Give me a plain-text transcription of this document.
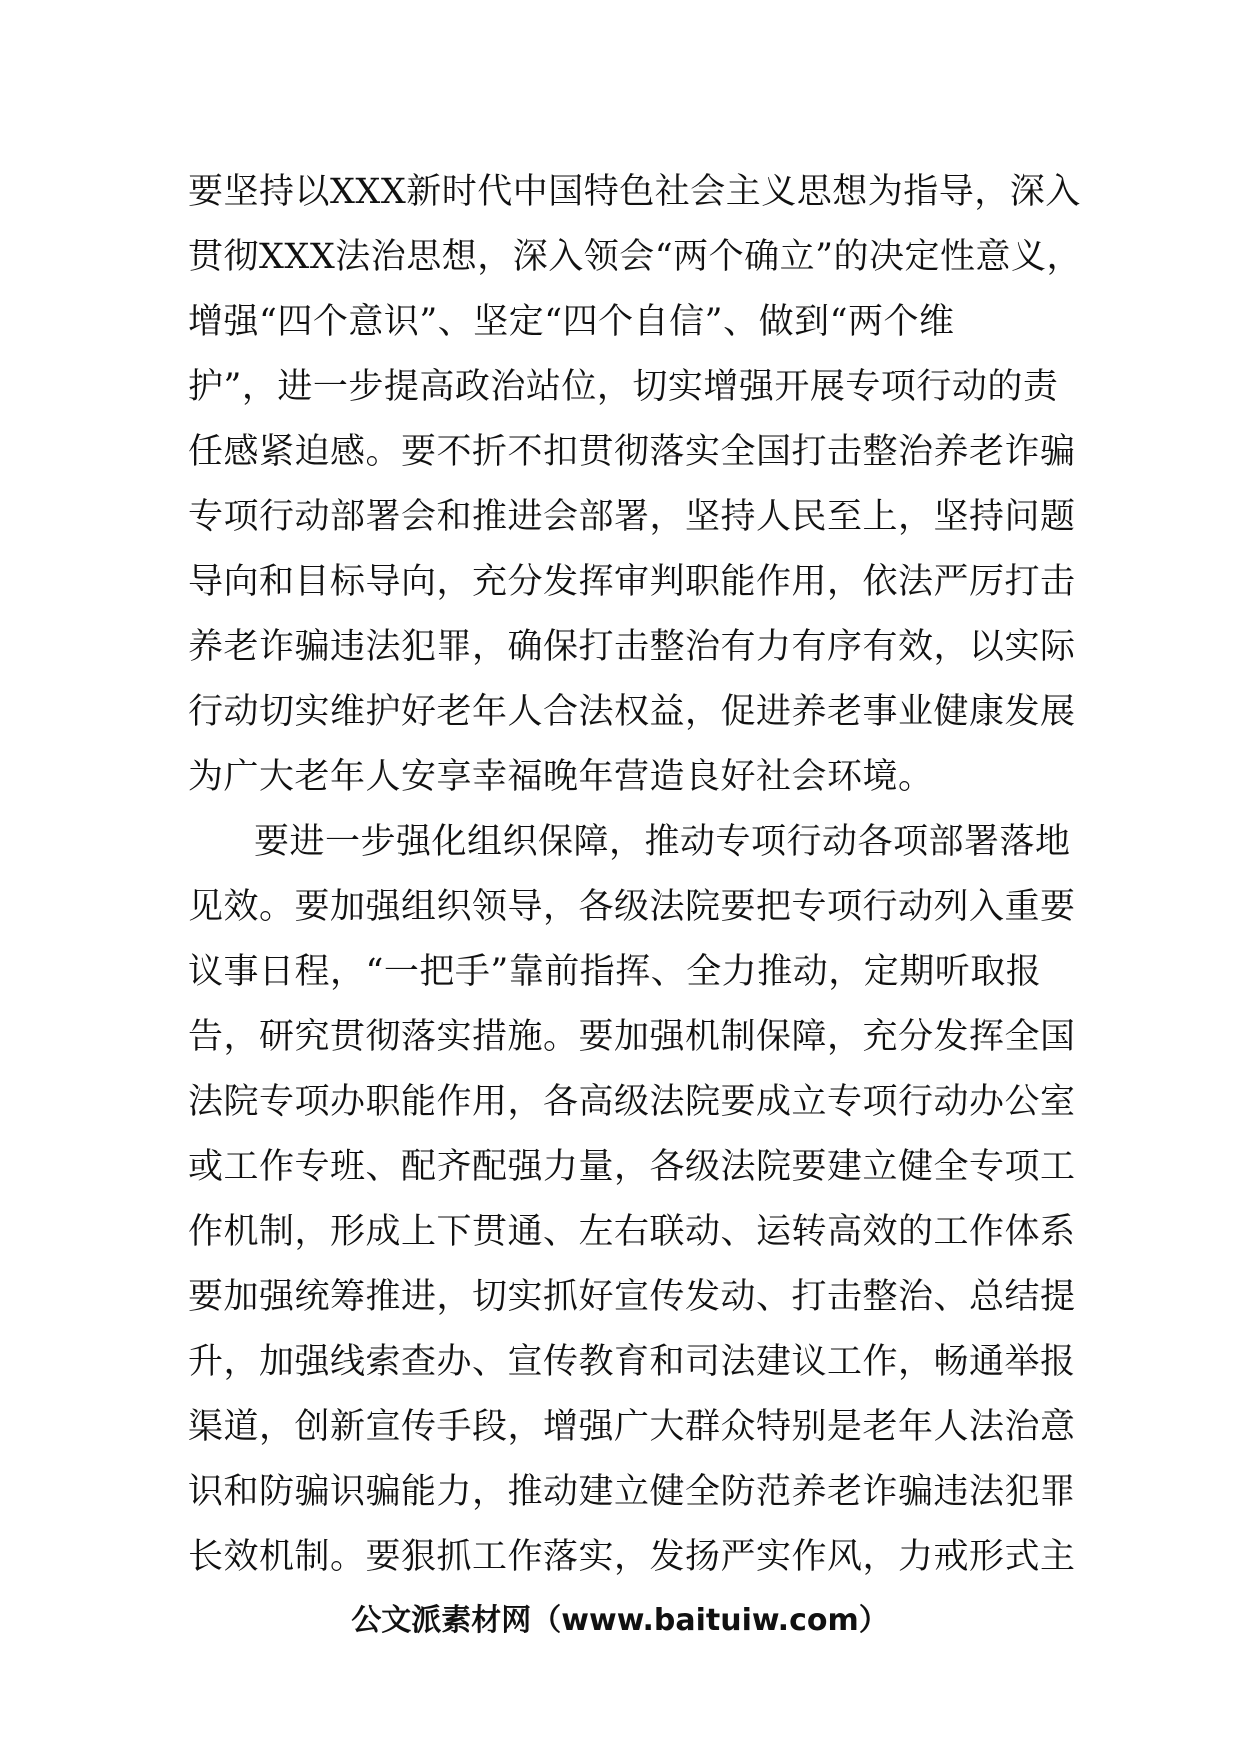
要坚持以XXX新时代中国特色社会主义思想为指导，深入
贯彻XXX法治思想，深入领会“两个确立”的决定性意义，
增强“四个意识”、坚定“四个自信”、做到“两个维
护”，进一步提高政治站位，切实增强开展专项行动的责
任感紧迫感。要不折不扣贯彻落实全国打击整治养老诈骗
专项行动部署会和推进会部署，坚持人民至上，坚持问题
导向和目标导向，充分发挥审判职能作用，依法严厉打击
养老诈骗违法犯罪，确保打击整治有力有序有效，以实际
行动切实维护好老年人合法权益，促进养老事业健康发展
为广大老年人安享幸福晚年营造良好社会环境。
要进一步强化组织保障，推动专项行动各项部署落地
见效。要加强组织领导，各级法院要把专项行动列入重要
议事日程，“一把手”靠前指挥、全力推动，定期听取报
告，研究贯彻落实措施。要加强机制保障，充分发挥全国
法院专项办职能作用，各高级法院要成立专项行动办公室
或工作专班、配齐配强力量，各级法院要建立健全专项工
作机制，形成上下贯通、左右联动、运转高效的工作体系
要加强统筹推进，切实抓好宣传发动、打击整治、总结提
升，加强线索查办、宣传教育和司法建议工作，畅通举报
渠道，创新宣传手段，增强广大群众特别是老年人法治意
识和防骗识骗能力，推动建立健全防范养老诈骗违法犯罪
长效机制。要狠抓工作落实，发扬严实作风，力戒形式主
公文派素材网（www.baituiw.com）
